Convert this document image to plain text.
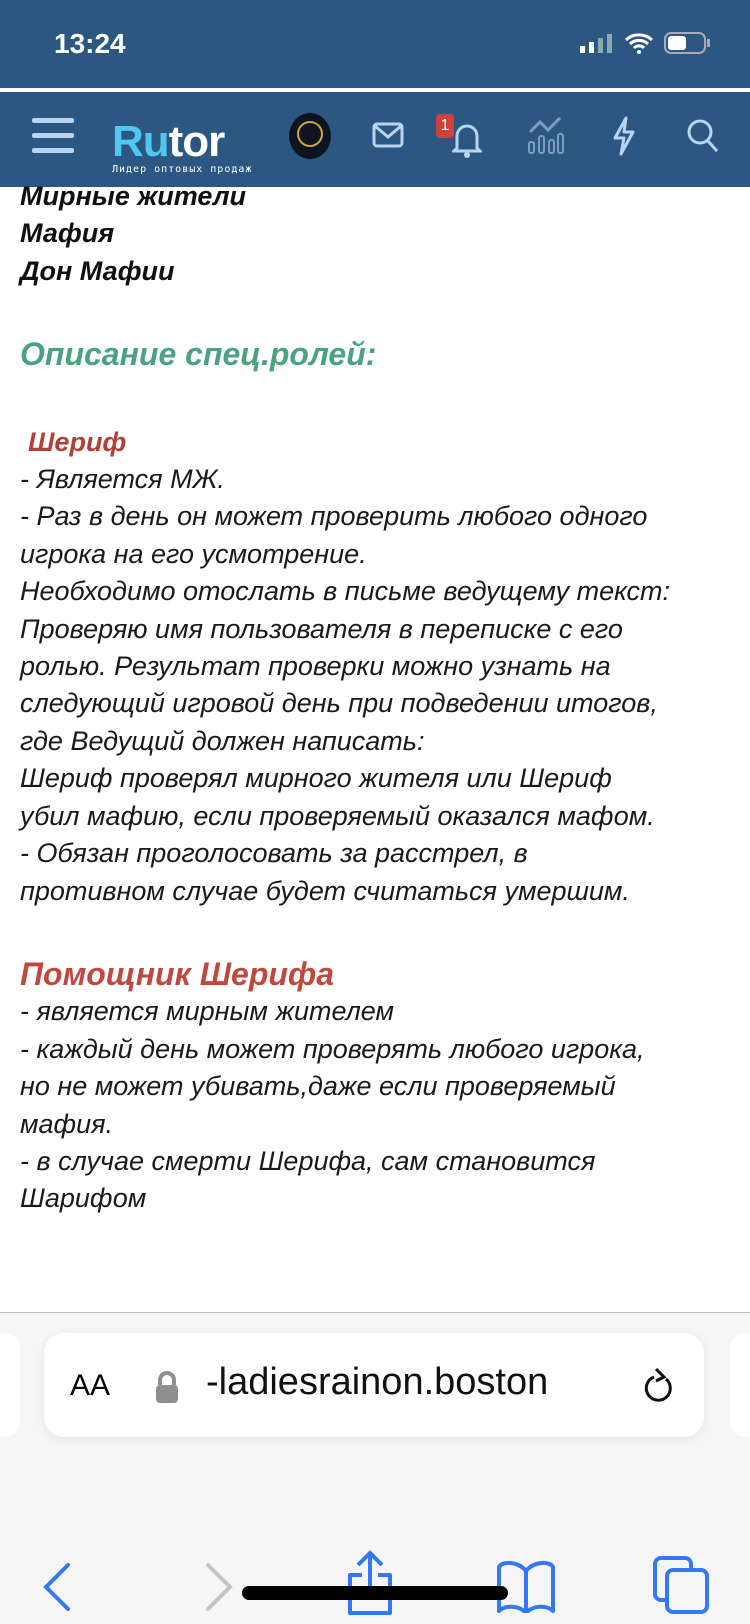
13:24
Rutor
Лидер оптовых продаж
1
Мирные жители
Мафия
Дон Мафии
Описание спец.ролей:
Шериф
- Является МЖ.
- Раз в день он может проверить любого одного
игрока на его усмотрение.
Необходимо отослать в письме ведущему текст:
Проверяю имя пользователя в переписке с его
ролью. Результат проверки можно узнать на
следующий игровой день при подведении итогов,
где Ведущий должен написать:
Шериф проверял мирного жителя или Шериф
убил мафию, если проверяемый оказался мафом.
- Обязан проголосовать за расстрел, в
противном случае будет считаться умершим.
Помощник Шерифа
- является мирным жителем
- каждый день может проверять любого игрока,
но не может убивать,даже если проверяемый
мафия.
- в случае смерти Шерифа, сам становится
Шарифом
AA	-ladiesrainon.boston
